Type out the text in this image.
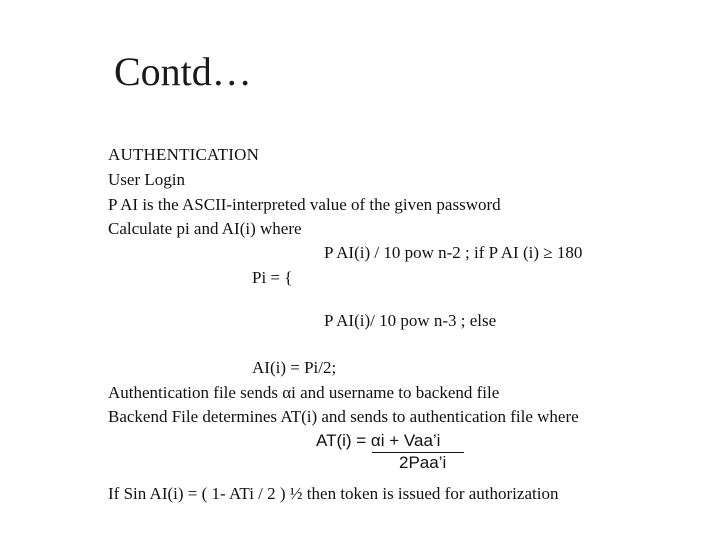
Contd…
AUTHENTICATION
User Login
P AI is the ASCII-interpreted value of the given password
Calculate pi and AI(i) where
P AI(i) / 10 pow n-2 ; if P AI (i) ≥ 180
Pi = {
P AI(i)/ 10 pow n-3 ; else
AI(i) = Pi/2;
Authentication file sends αi and username to backend file
Backend File determines AT(i) and sends to authentication file where
AT(i) = αi + Vaa’i
2Paa’i
If Sin AI(i) = ( 1- ATi / 2 ) ½ then token is issued for authorization
